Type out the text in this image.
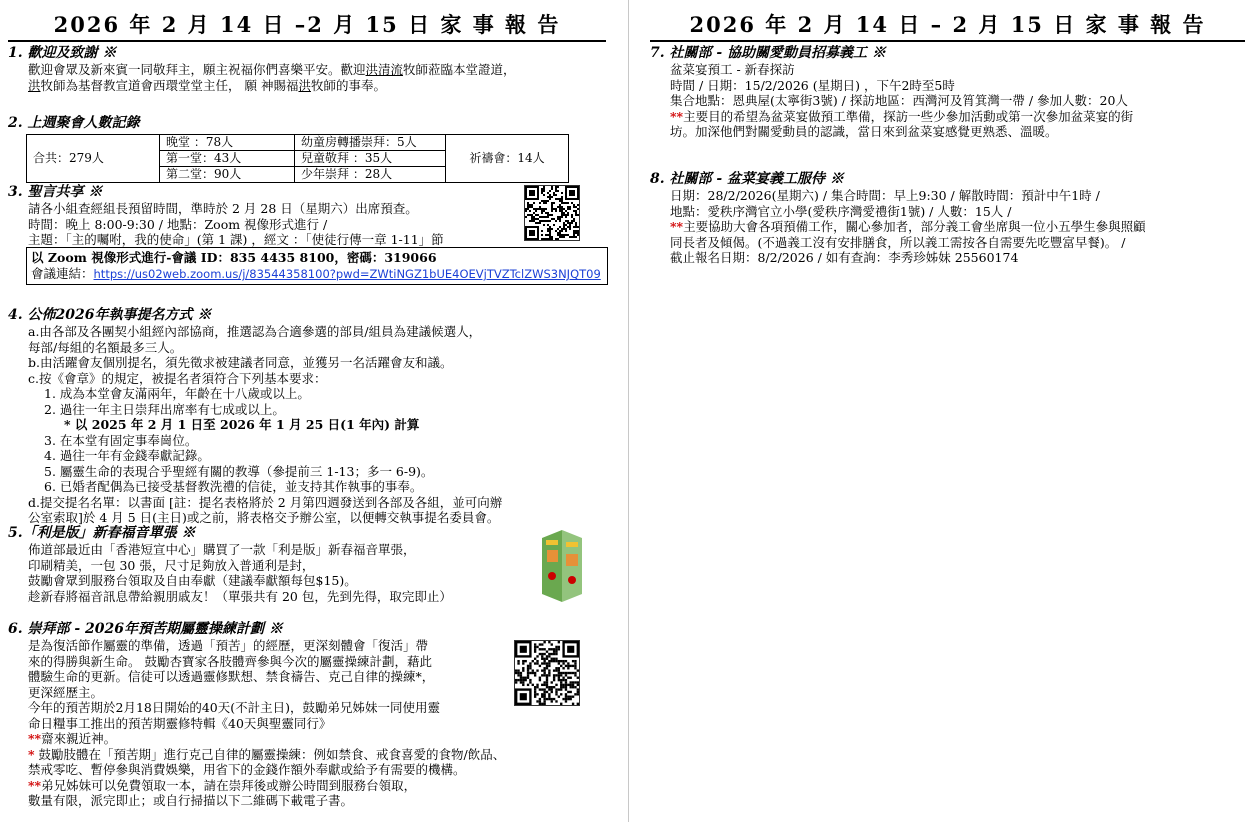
2026 年 2 月 14 日 –2 月 15 日 家 事 報 告
1. 歡迎及致謝 ※
歡迎會眾及新來賓一同敬拜主，願主祝福你們喜樂平安。歡迎洪清流牧師蒞臨本堂證道，
洪牧師為基督教宣道會西環堂堂主任， 願 神賜福洪牧師的事奉。
2. 上週聚會人數記錄
合共：279人	晚堂 ：78人	幼童房轉播崇拜：5人	祈禱會：14人
	第一堂：43人	兒童敬拜 ：35人	
	第二堂：90人	少年崇拜 ：28人	
3. 聖言共享 ※
請各小組查經組長預留時間，準時於 2 月 28 日（星期六）出席預查。
時間：晚上 8:00-9:30 / 地點：Zoom 視像形式進行 /
主題：「主的囑咐，我的使命」(第 1 課) ，經文 ：「使徒行傳一章 1-11」節
以 Zoom 視像形式進行-會議 ID：835 4435 8100，密碼：319066
會議連結：https://us02web.zoom.us/j/83544358100?pwd=ZWtiNGZ1bUE4OEVjTVZTclZWS3NJQT09
4. 公佈2026年執事提名方式 ※
a.由各部及各團契小組經內部協商，推選認為合適參選的部員/組員為建議候選人，
每部/每組的名額最多三人。
b.由活躍會友個別提名，須先徵求被建議者同意，並獲另一名活躍會友和議。
c.按《會章》的規定，被提名者須符合下列基本要求：
1. 成為本堂會友滿兩年，年齡在十八歲或以上。
2. 過往一年主日崇拜出席率有七成或以上。
* 以 2025 年 2 月 1 日至 2026 年 1 月 25 日(1 年內) 計算
3. 在本堂有固定事奉崗位。
4. 過往一年有金錢奉獻記錄。
5. 屬靈生命的表現合乎聖經有關的教導（參提前三 1-13；多一 6-9)。
6. 已婚者配偶為已接受基督教洗禮的信徒，並支持其作執事的事奉。
d.提交提名名單：以書面 [註：提名表格將於 2 月第四週發送到各部及各組，並可向辦
公室索取]於 4 月 5 日(主日)或之前，將表格交予辦公室，以便轉交執事提名委員會。
5.「利是版」新春福音單張 ※
佈道部最近由「香港短宣中心」購買了一款「利是版」新春福音單張，
印刷精美，一包 30 張，尺寸足夠放入普通利是封，
鼓勵會眾到服務台領取及自由奉獻（建議奉獻額每包$15)。
趁新春將福音訊息帶給親朋戚友！（單張共有 20 包，先到先得，取完即止）
6. 崇拜部 - 2026年預苦期屬靈操練計劃 ※
是為復活節作屬靈的準備，透過「預苦」的經歷，更深刻體會「復活」帶
來的得勝與新生命。 鼓勵杏寶家各肢體齊參與今次的屬靈操練計劃，藉此
體驗生命的更新。信徒可以透過靈修默想、禁食禱告、克己自律的操練*，
更深經歷主。
今年的預苦期於2月18日開始的40天(不計主日)，鼓勵弟兄姊妹一同使用靈
命日糧事工推出的預苦期靈修特輯《40天與聖靈同行》
**齋來親近神。
* 鼓勵肢體在「預苦期」進行克己自律的屬靈操練：例如禁食、戒食喜愛的食物/飲品、
禁戒零吃、暫停參與消費娛樂，用省下的金錢作額外奉獻或給予有需要的機構。
**弟兄姊妹可以免費領取一本，請在崇拜後或辦公時間到服務台領取，
數量有限，派完即止；或自行掃描以下二維碼下載電子書。
2026 年 2 月 14 日 – 2 月 15 日 家 事 報 告
7. 社關部 - 協助關愛動員招募義工 ※
盆菜宴預工 - 新春探訪
時間 / 日期：15/2/2026 (星期日) ，下午2時至5時
集合地點：恩典屋(太寧街3號) / 探訪地區：西灣河及筲箕灣一帶 / 參加人數：20人
**主要目的希望為盆菜宴做預工準備，探訪一些少參加活動或第一次參加盆菜宴的街
坊。加深他們對關愛動員的認識，當日來到盆菜宴感覺更熟悉、溫暖。
8. 社關部 - 盆菜宴義工服侍 ※
日期：28/2/2026(星期六) / 集合時間：早上9:30 / 解散時間：預計中午1時 /
地點：愛秩序灣官立小學(愛秩序灣愛禮街1號) / 人數：15人 /
**主要協助大會各項預備工作，關心參加者，部分義工會坐席與一位小五學生參與照顧
同長者及傾偈。(不過義工沒有安排膳食，所以義工需按各自需要先吃豐富早餐)。 /
截止報名日期：8/2/2026 / 如有查詢：李秀珍姊妹 25560174
